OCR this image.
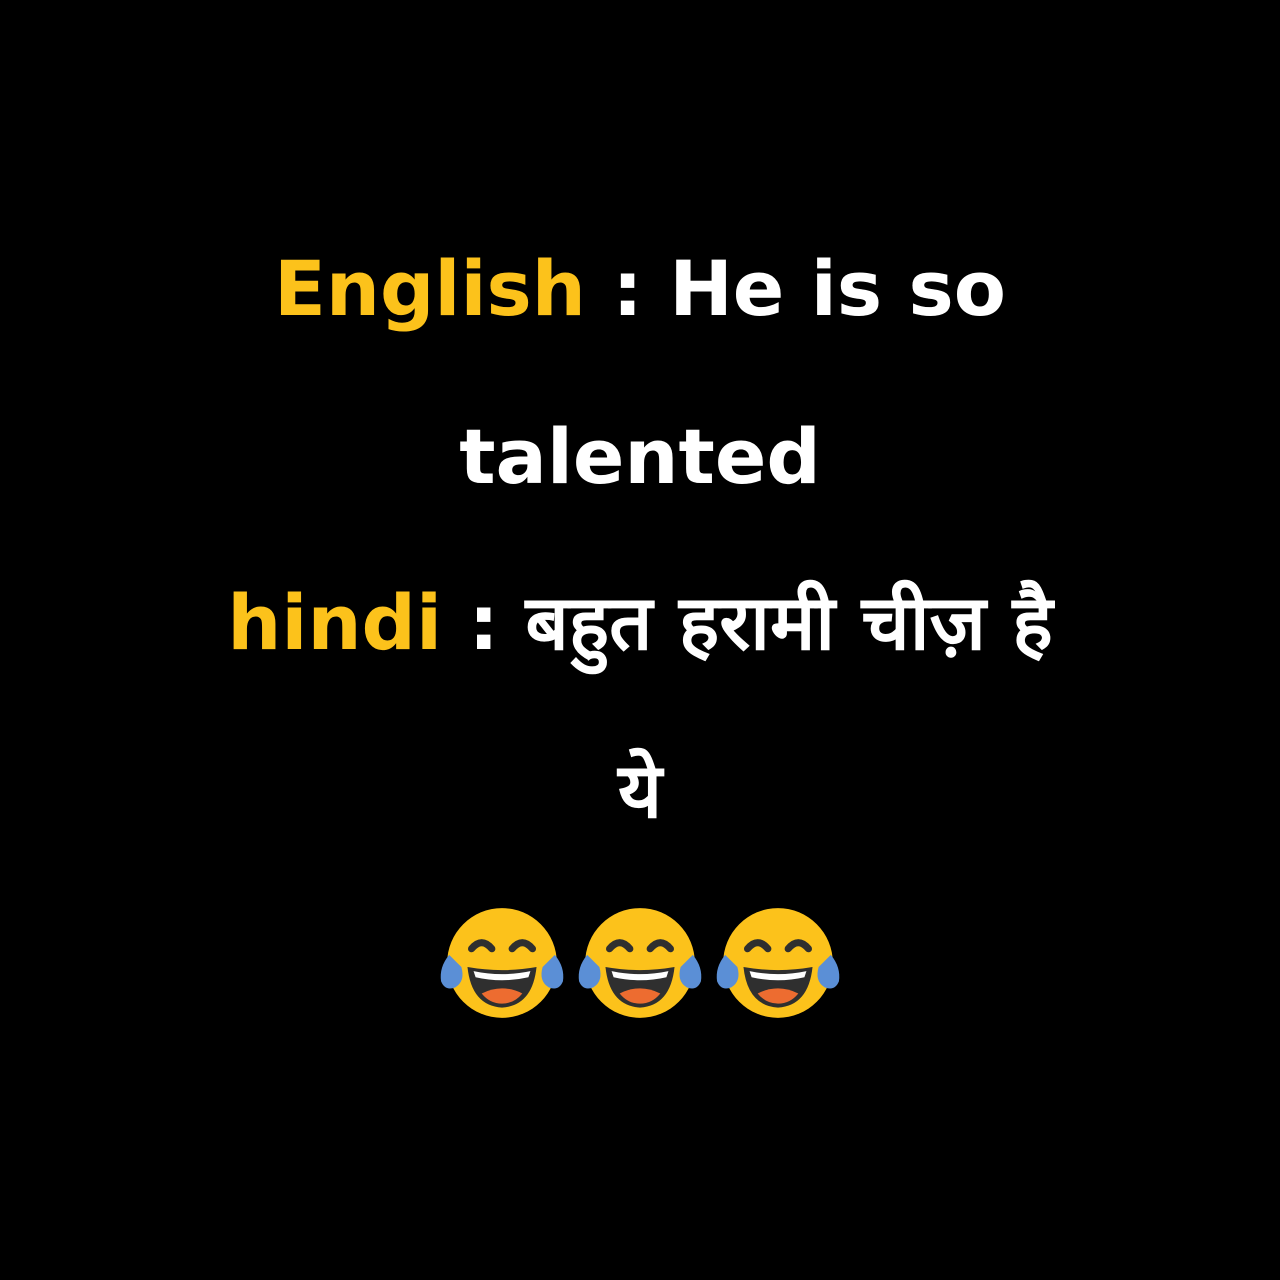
English : He is so
talented
hindi : बहुत हरामी चीज़ है
ये
